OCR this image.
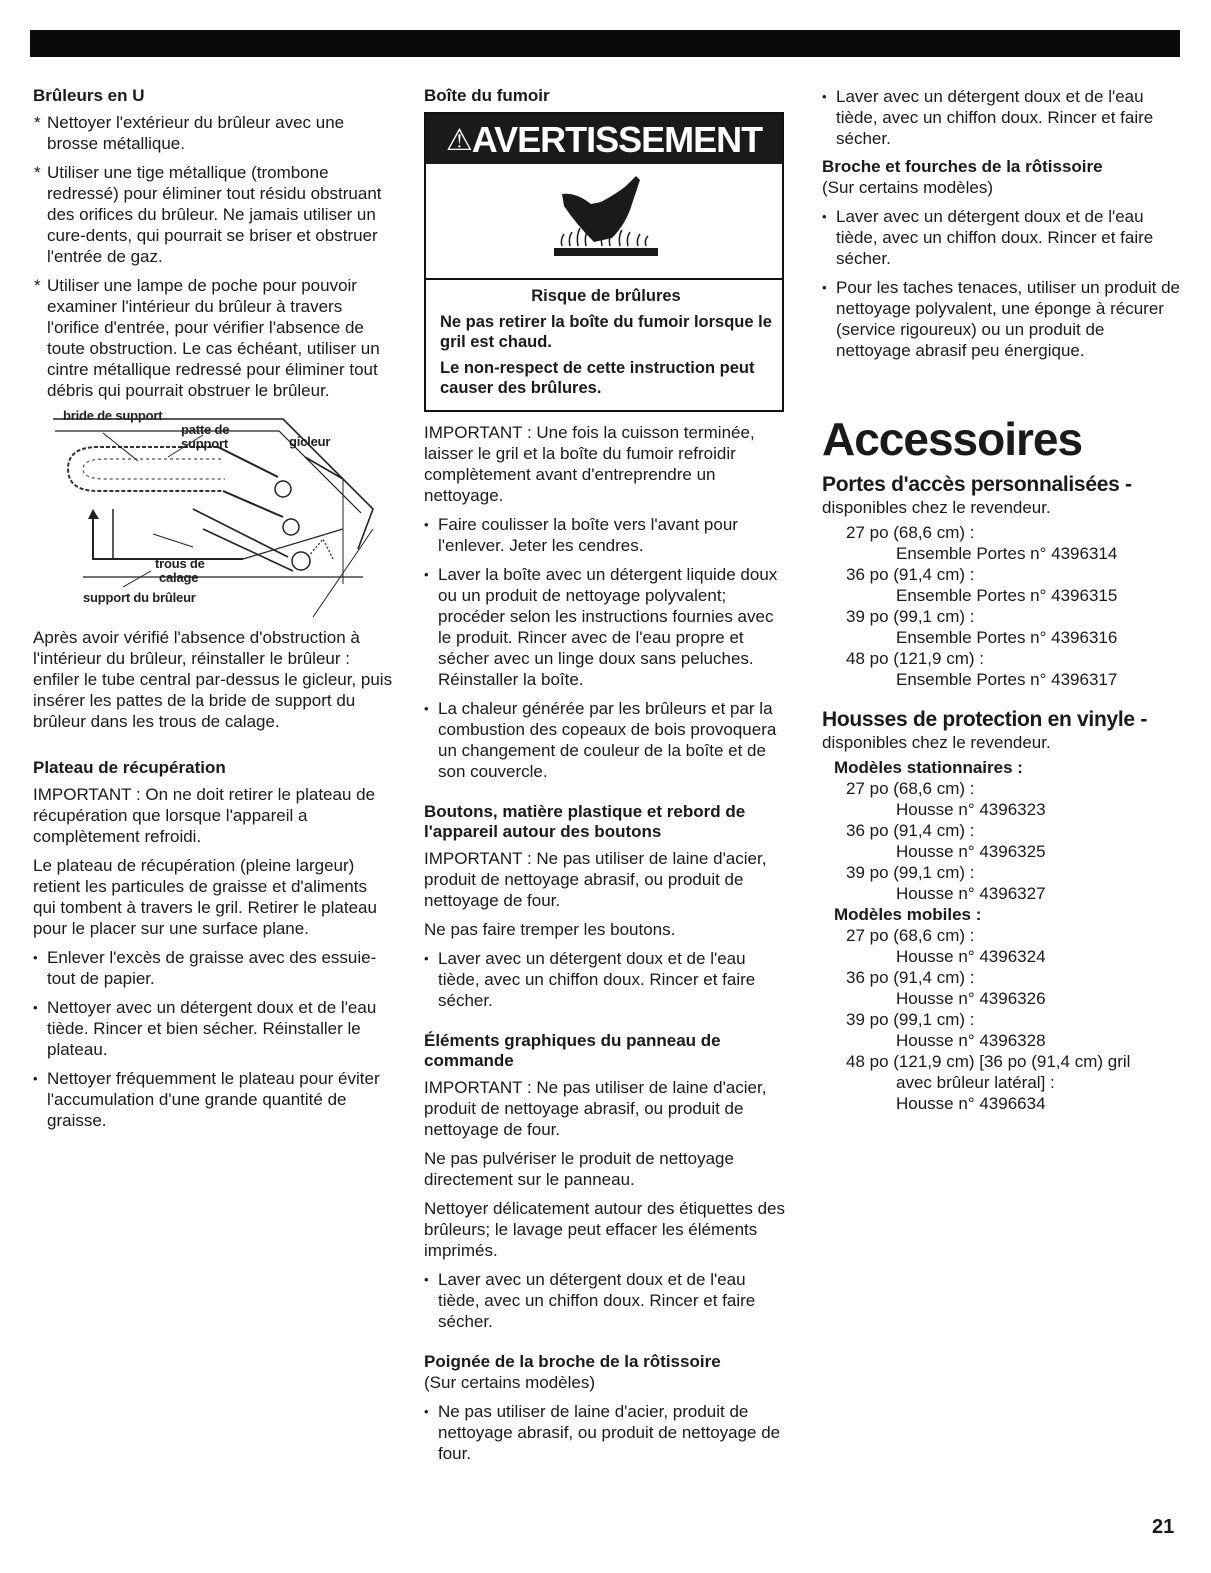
Brûleurs en U
* Nettoyer l'extérieur du brûleur avec une brosse métallique.
* Utiliser une tige métallique (trombone redressé) pour éliminer tout résidu obstruant des orifices du brûleur. Ne jamais utiliser un cure-dents, qui pourrait se briser et obstruer l'entrée de gaz.
* Utiliser une lampe de poche pour pouvoir examiner l'intérieur du brûleur à travers l'orifice d'entrée, pour vérifier l'absence de toute obstruction. Le cas échéant, utiliser un cintre métallique redressé pour éliminer tout débris qui pourrait obstruer le brûleur.
bride de support
patte de
support	gicleur
trous de
calage
support du brûleur

Après avoir vérifié l'absence d'obstruction à l'intérieur du brûleur, réinstaller le brûleur : enfiler le tube central par-dessus le gicleur, puis insérer les pattes de la bride de support du brûleur dans les trous de calage.

Plateau de récupération

IMPORTANT : On ne doit retirer le plateau de récupération que lorsque l'appareil a complètement refroidi.

Le plateau de récupération (pleine largeur) retient les particules de graisse et d'aliments qui tombent à travers le gril. Retirer le plateau pour le placer sur une surface plane.

• Enlever l'excès de graisse avec des essuie-tout de papier.
• Nettoyer avec un détergent doux et de l'eau tiède. Rincer et bien sécher. Réinstaller le plateau.
• Nettoyer fréquemment le plateau pour éviter l'accumulation d'une grande quantité de graisse.
Boîte du fumoir
⚠AVERTISSEMENT
Risque de brûlures

Ne pas retirer la boîte du fumoir lorsque le gril est chaud.

Le non-respect de cette instruction peut causer des brûlures.

IMPORTANT : Une fois la cuisson terminée, laisser le gril et la boîte du fumoir refroidir complètement avant d'entreprendre un nettoyage.

• Faire coulisser la boîte vers l'avant pour l'enlever. Jeter les cendres.
• Laver la boîte avec un détergent liquide doux ou un produit de nettoyage polyvalent; procéder selon les instructions fournies avec le produit. Rincer avec de l'eau propre et sécher avec un linge doux sans peluches. Réinstaller la boîte.
• La chaleur générée par les brûleurs et par la combustion des copeaux de bois provoquera un changement de couleur de la boîte et de son couvercle.
Boutons, matière plastique et rebord de l'appareil autour des boutons

IMPORTANT : Ne pas utiliser de laine d'acier, produit de nettoyage abrasif, ou produit de nettoyage de four.

Ne pas faire tremper les boutons.

• Laver avec un détergent doux et de l'eau tiède, avec un chiffon doux. Rincer et faire sécher.
Éléments graphiques du panneau de commande

IMPORTANT : Ne pas utiliser de laine d'acier, produit de nettoyage abrasif, ou produit de nettoyage de four.

Ne pas pulvériser le produit de nettoyage directement sur le panneau.

Nettoyer délicatement autour des étiquettes des brûleurs; le lavage peut effacer les éléments imprimés.

• Laver avec un détergent doux et de l'eau tiède, avec un chiffon doux. Rincer et faire sécher.
Poignée de la broche de la rôtissoire

(Sur certains modèles)

• Ne pas utiliser de laine d'acier, produit de nettoyage abrasif, ou produit de nettoyage de four.
• Laver avec un détergent doux et de l'eau tiède, avec un chiffon doux. Rincer et faire sécher.
Broche et fourches de la rôtissoire

(Sur certains modèles)

• Laver avec un détergent doux et de l'eau tiède, avec un chiffon doux. Rincer et faire sécher.
• Pour les taches tenaces, utiliser un produit de nettoyage polyvalent, une éponge à récurer (service rigoureux) ou un produit de nettoyage abrasif peu énergique.
Accessoires
Portes d'accès personnalisées -
disponibles chez le revendeur.
27 po (68,6 cm) :
Ensemble Portes n° 4396314
36 po (91,4 cm) :
Ensemble Portes n° 4396315
39 po (99,1 cm) :
Ensemble Portes n° 4396316
48 po (121,9 cm) :
Ensemble Portes n° 4396317
Housses de protection en vinyle -
disponibles chez le revendeur.
Modèles stationnaires :
27 po (68,6 cm) :
Housse n° 4396323
36 po (91,4 cm) :
Housse n° 4396325
39 po (99,1 cm) :
Housse n° 4396327
Modèles mobiles :
27 po (68,6 cm) :
Housse n° 4396324
36 po (91,4 cm) :
Housse n° 4396326
39 po (99,1 cm) :
Housse n° 4396328
48 po (121,9 cm) [36 po (91,4 cm) gril
avec brûleur latéral] :
Housse n° 4396634
21
